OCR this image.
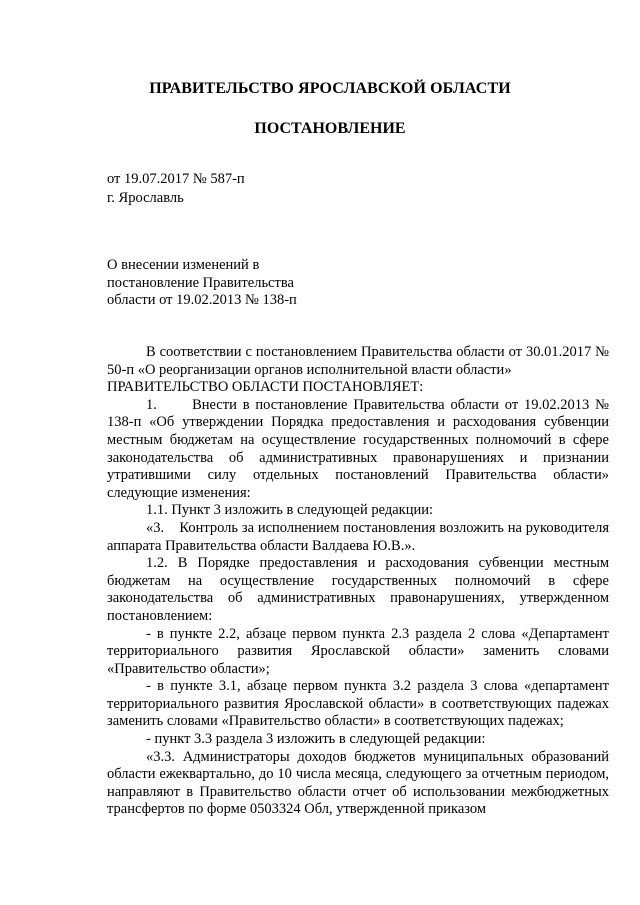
ПРАВИТЕЛЬСТВО ЯРОСЛАВСКОЙ ОБЛАСТИ
ПОСТАНОВЛЕНИЕ
от 19.07.2017 № 587-п
г. Ярославль
О внесении изменений в
постановление Правительства
области от 19.02.2013 № 138-п

В соответствии с постановлением Правительства области от 30.01.2017 № 50-п «О реорганизации органов исполнительной власти области»

ПРАВИТЕЛЬСТВО ОБЛАСТИ ПОСТАНОВЛЯЕТ:

1.      Внести в постановление Правительства области от 19.02.2013 № 138-п «Об утверждении Порядка предоставления и расходования субвенции местным бюджетам на осуществление государственных полномочий в сфере законодательства об административных правонарушениях и признании утратившими силу отдельных постановлений Правительства области» следующие изменения:

1.1. Пункт 3 изложить в следующей редакции:

«3.    Контроль за исполнением постановления возложить на руководителя аппарата Правительства области Валдаева Ю.В.».

1.2. В Порядке предоставления и расходования субвенции местным бюджетам на осуществление государственных полномочий в сфере законодательства об административных правонарушениях, утвержденном постановлением:

- в пункте 2.2, абзаце первом пункта 2.3 раздела 2 слова «Департамент территориального развития Ярославской области» заменить словами «Правительство области»;

- в пункте 3.1, абзаце первом пункта 3.2 раздела 3 слова «департамент территориального развития Ярославской области» в соответствующих падежах заменить словами «Правительство области» в соответствующих падежах;

- пункт 3.3 раздела 3 изложить в следующей редакции:

«3.3. Администраторы доходов бюджетов муниципальных образований области ежеквартально, до 10 числа месяца, следующего за отчетным периодом, направляют в Правительство области отчет об использовании межбюджетных трансфертов по форме 0503324 Обл, утвержденной приказом
